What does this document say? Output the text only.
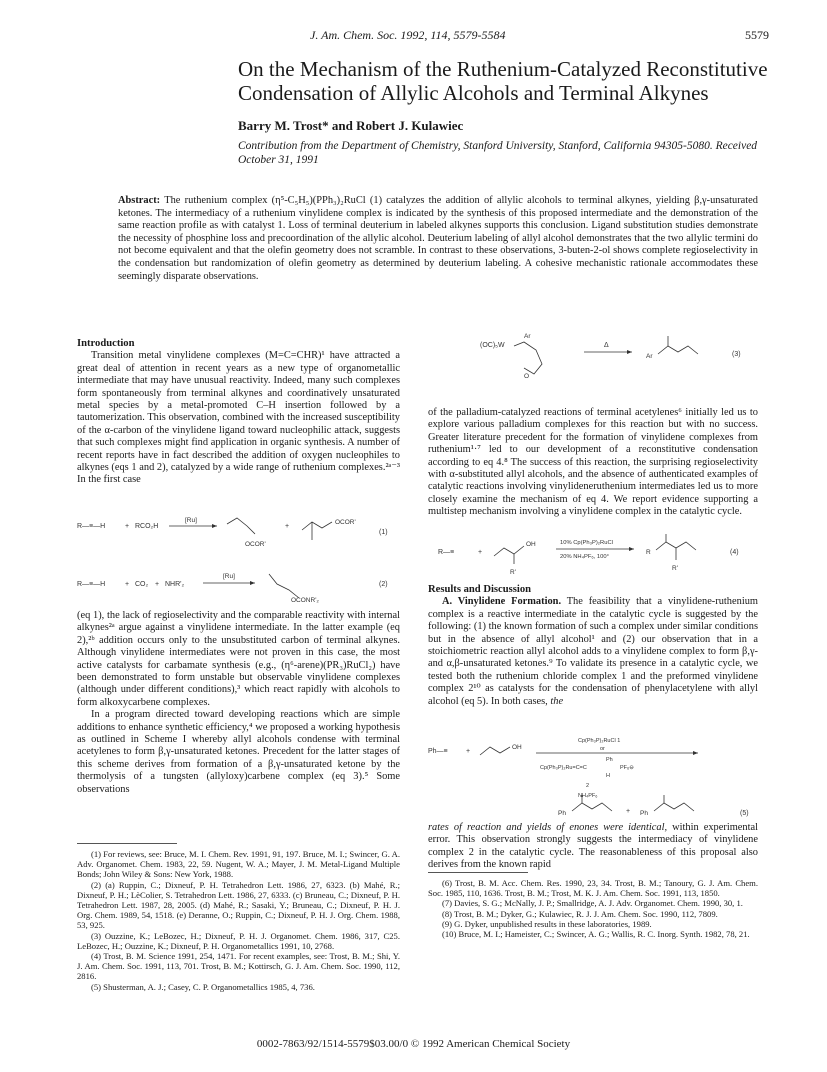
J. Am. Chem. Soc. 1992, 114, 5579-5584	5579
On the Mechanism of the Ruthenium-Catalyzed Reconstitutive Condensation of Allylic Alcohols and Terminal Alkynes
Barry M. Trost* and Robert J. Kulawiec
Contribution from the Department of Chemistry, Stanford University, Stanford, California 94305-5080. Received October 31, 1991
Abstract: The ruthenium complex (η⁵-C₅H₅)(PPh₃)₂RuCl (1) catalyzes the addition of allylic alcohols to terminal alkynes, yielding β,γ-unsaturated ketones. The intermediacy of a ruthenium vinylidene complex is indicated by the synthesis of this proposed intermediate and the demonstration of the same reaction profile as with catalyst 1. Loss of terminal deuterium in labeled alkynes supports this conclusion. Ligand substitution studies demonstrate the necessity of phosphine loss and precoordination of the allylic alcohol. Deuterium labeling of allyl alcohol demonstrates that the two allylic termini do not become equivalent and that the olefin geometry does not scramble. In contrast to these observations, 3-buten-2-ol shows complete regioselectivity in the condensation but randomization of olefin geometry as determined by deuterium labeling. A cohesive mechanistic rationale accommodates these seemingly disparate observations.
Introduction

Transition metal vinylidene complexes (M=C=CHR)¹ have attracted a great deal of attention in recent years as a new type of organometallic intermediate that may have unusual reactivity. Indeed, many such complexes form spontaneously from terminal alkynes and coordinatively unsaturated metal species by a metal-promoted C–H insertion followed by a tautomerization. This observation, combined with the increased susceptibility of the α-carbon of the vinylidene ligand toward nucleophilic attack, suggests that such complexes might find application in organic synthesis. A number of recent reports have in fact described the addition of oxygen nucleophiles to alkynes (eqs 1 and 2), catalyzed by a wide range of ruthenium complexes.²ᵃ⁻³ In the first case

R—≡—H	+ RCO₂H
[Ru]
OCOR'
+
OCOR'
(1)
R—≡—H	+ CO₂ + NHR'₂
[Ru]
OCONR'₂
(2)

(eq 1), the lack of regioselectivity and the comparable reactivity with internal alkynes²ᵃ argue against a vinylidene intermediate. In the latter example (eq 2),²ᵇ addition occurs only to the unsubstituted carbon of terminal alkynes. Although vinylidene intermediates were not proven in this case, the most active catalysts for carbamate synthesis (e.g., (η⁶-arene)(PR₃)RuCl₂) have been demonstrated to form unstable but observable vinylidene complexes (although under different conditions),³ which react rapidly with alcohols to form alkoxycarbene complexes.

In a program directed toward developing reactions which are simple additions to enhance synthetic efficiency,⁴ we proposed a working hypothesis as outlined in Scheme I whereby allyl alcohols condense with terminal acetylenes to form β,γ-unsaturated ketones. Precedent for the latter stages of this scheme derives from formation of a β,γ-unsaturated ketone by the thermolysis of a tungsten (allyloxy)carbene complex (eq 3).⁵ Some observations

(1) For reviews, see: Bruce, M. I. Chem. Rev. 1991, 91, 197. Bruce, M. I.; Swincer, G. A. Adv. Organomet. Chem. 1983, 22, 59. Nugent, W. A.; Mayer, J. M. Metal-Ligand Multiple Bonds; John Wiley & Sons: New York, 1988.

(2) (a) Ruppin, C.; Dixneuf, P. H. Tetrahedron Lett. 1986, 27, 6323. (b) Mahé, R.; Dixneuf, P. H.; LèColier, S. Tetrahedron Lett. 1986, 27, 6333. (c) Bruneau, C.; Dixneuf, P. H. Tetrahedron Lett. 1987, 28, 2005. (d) Mahé, R.; Sasaki, Y.; Bruneau, C.; Dixneuf, P. H. J. Org. Chem. 1989, 54, 1518. (e) Deranne, O.; Ruppin, C.; Dixneuf, P. H. J. Org. Chem. 1988, 53, 925.

(3) Ouzzine, K.; LeBozec, H.; Dixneuf, P. H. J. Organomet. Chem. 1986, 317, C25. LeBozec, H.; Ouzzine, K.; Dixneuf, P. H. Organometallics 1991, 10, 2768.

(4) Trost, B. M. Science 1991, 254, 1471. For recent examples, see: Trost, B. M.; Shi, Y. J. Am. Chem. Soc. 1991, 113, 701. Trost, B. M.; Kottirsch, G. J. Am. Chem. Soc. 1990, 112, 2816.

(5) Shusterman, A. J.; Casey, C. P. Organometallics 1985, 4, 736.

(OC)₅W
Ar
O
Δ
Ar	(3)

of the palladium-catalyzed reactions of terminal acetylenes⁶ initially led us to explore various palladium complexes for this reaction but with no success. Greater literature precedent for the formation of vinylidene complexes from ruthenium¹·⁷ led to our development of a reconstitutive condensation according to eq 4.⁸ The success of this reaction, the surprising regioselectivity with α-substituted allyl alcohols, and the absence of authenticated examples of catalytic reactions involving vinylideneruthenium intermediates led us to more closely examine the mechanism of eq 4. We report evidence supporting a multistep mechanism involving a vinylidene complex in the catalytic cycle.

R—≡	+
OH
R'
10% Cp(Ph₃P)₂RuCl
20% NH₄PF₆, 100°
R
R'
(4)
Results and Discussion

A. Vinylidene Formation. The feasibility that a vinylidene-ruthenium complex is a reactive intermediate in the catalytic cycle is suggested by the following: (1) the known formation of such a complex under similar conditions but in the absence of allyl alcohol¹ and (2) our observation that in a stoichiometric reaction allyl alcohol adds to a vinylidene complex to form β,γ- and α,β-unsaturated ketones.⁹ To validate its presence in a catalytic cycle, we tested both the ruthenium chloride complex 1 and the preformed vinylidene complex 2¹⁰ as catalysts for the condensation of phenylacetylene with allyl alcohol (eq 5). In both cases, the

Ph—≡	+
OH
Cp(Ph₃P)₂RuCl 1
or
Cp(Ph₃P)₂Ru=C=C
Ph
H
PF₆⊖
2
NH₄PF₆
Ph	+ Ph	(5)

rates of reaction and yields of enones were identical, within experimental error. This observation strongly suggests the intermediacy of vinylidene complex 2 in the catalytic cycle. The reasonableness of this proposal also derives from the known rapid

(6) Trost, B. M. Acc. Chem. Res. 1990, 23, 34. Trost, B. M.; Tanoury, G. J. Am. Chem. Soc. 1985, 110, 1636. Trost, B. M.; Trost, M. K. J. Am. Chem. Soc. 1991, 113, 1850.

(7) Davies, S. G.; McNally, J. P.; Smallridge, A. J. Adv. Organomet. Chem. 1990, 30, 1.

(8) Trost, B. M.; Dyker, G.; Kulawiec, R. J. J. Am. Chem. Soc. 1990, 112, 7809.

(9) G. Dyker, unpublished results in these laboratories, 1989.

(10) Bruce, M. I.; Hameister, C.; Swincer, A. G.; Wallis, R. C. Inorg. Synth. 1982, 78, 21.

0002-7863/92/1514-5579$03.00/0 © 1992 American Chemical Society
